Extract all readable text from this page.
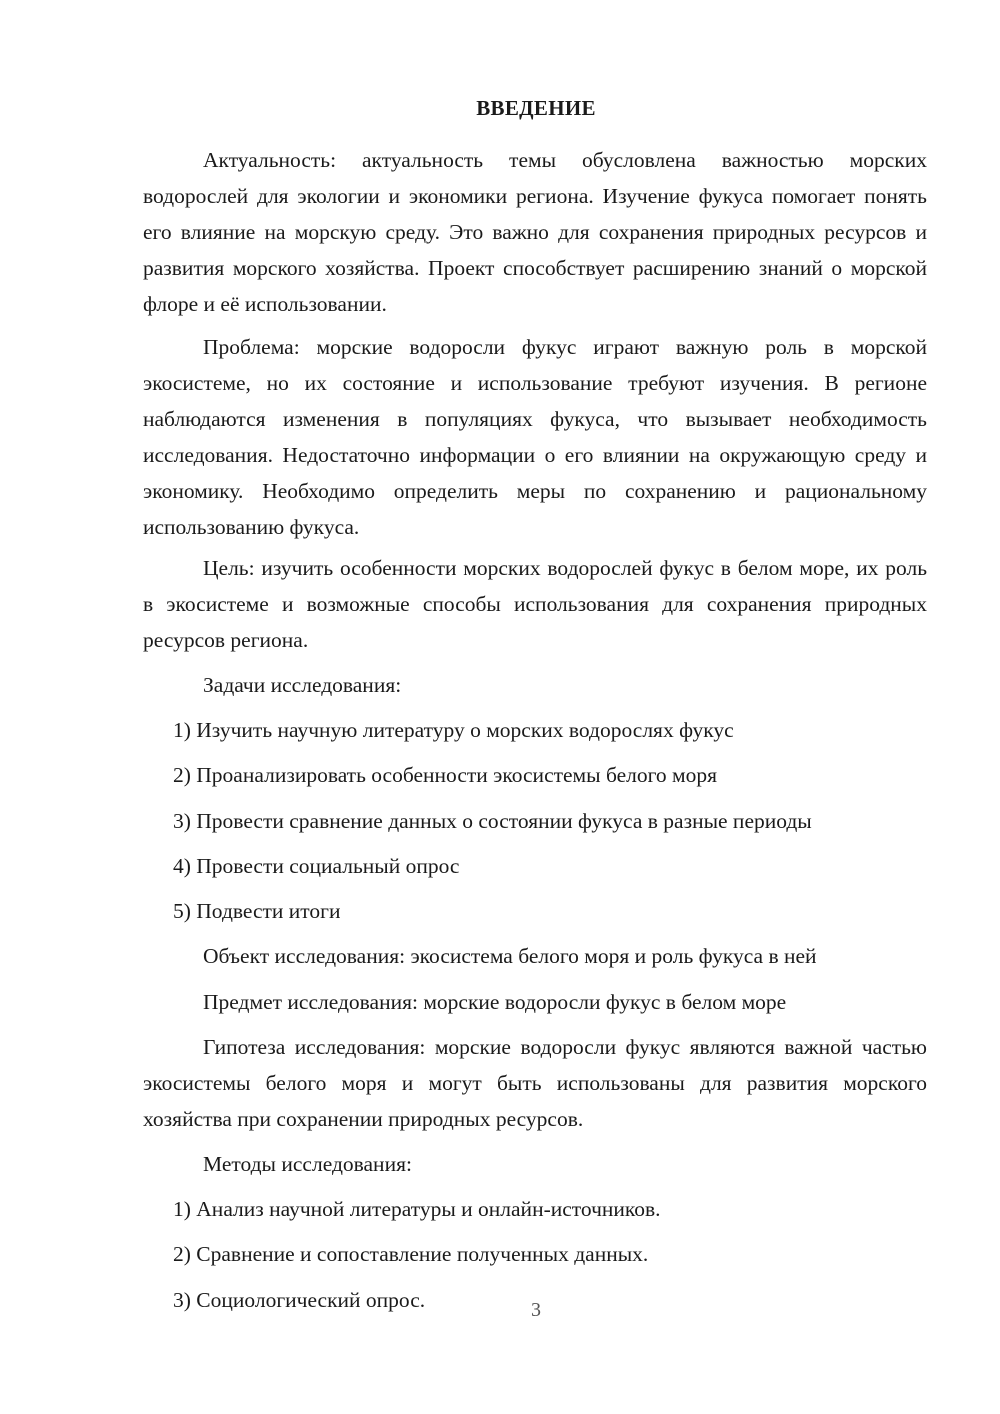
ВВЕДЕНИЕ

Актуальность: актуальность темы обусловлена важностью морских водорослей для экологии и экономики региона. Изучение фукуса помогает понять его влияние на морскую среду. Это важно для сохранения природных ресурсов и развития морского хозяйства. Проект способствует расширению знаний о морской флоре и её использовании.

Проблема: морские водоросли фукус играют важную роль в морской экосистеме, но их состояние и использование требуют изучения. В регионе наблюдаются изменения в популяциях фукуса, что вызывает необходимость исследования. Недостаточно информации о его влиянии на окружающую среду и экономику. Необходимо определить меры по сохранению и рациональному использованию фукуса.

Цель: изучить особенности морских водорослей фукус в белом море, их роль в экосистеме и возможные способы использования для сохранения природных ресурсов региона.

Задачи исследования:

1) Изучить научную литературу о морских водорослях фукус

2) Проанализировать особенности экосистемы белого моря

3) Провести сравнение данных о состоянии фукуса в разные периоды

4) Провести социальный опрос

5) Подвести итоги

Объект исследования: экосистема белого моря и роль фукуса в ней

Предмет исследования: морские водоросли фукус в белом море

Гипотеза исследования: морские водоросли фукус являются важной частью экосистемы белого моря и могут быть использованы для развития морского хозяйства при сохранении природных ресурсов.

Методы исследования:

1) Анализ научной литературы и онлайн-источников.

2) Сравнение и сопоставление полученных данных.

3) Социологический опрос.	3
